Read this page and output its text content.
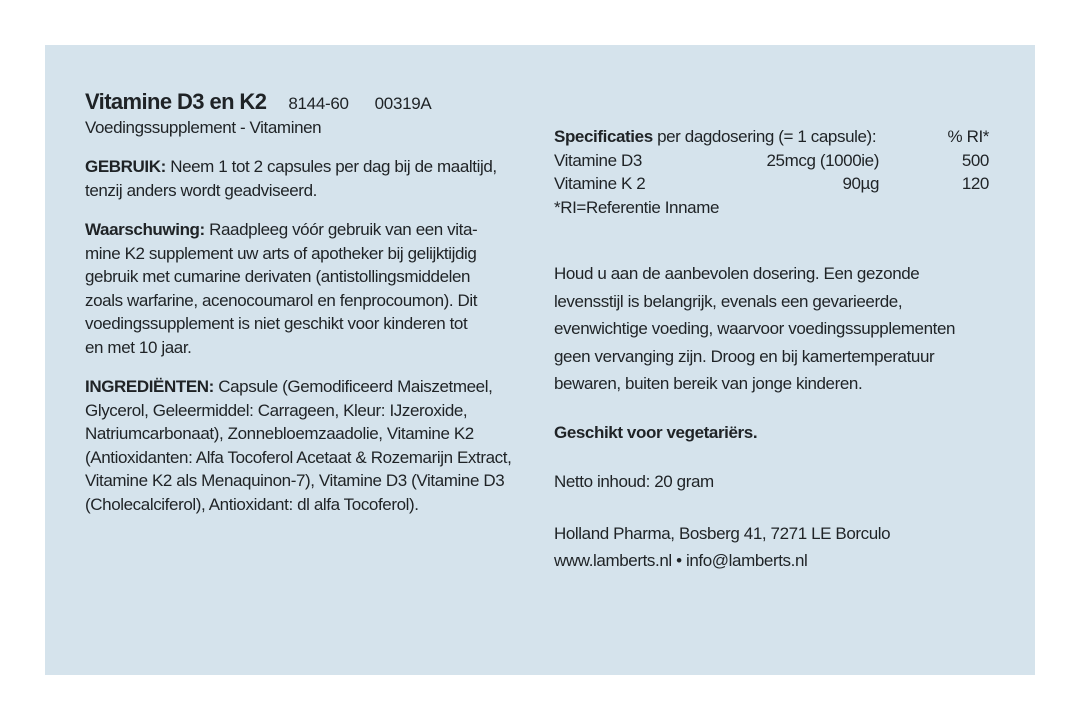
Vitamine D3 en K2 8144-60 00319A
Voedingssupplement - Vitaminen
GEBRUIK: Neem 1 tot 2 capsules per dag bij de maaltijd,
tenzij anders wordt geadviseerd.
Waarschuwing: Raadpleeg vóór gebruik van een vita-
mine K2 supplement uw arts of apotheker bij gelijktijdig
gebruik met cumarine derivaten (antistollingsmiddelen
zoals warfarine, acenocoumarol en fenprocoumon). Dit
voedingssupplement is niet geschikt voor kinderen tot
en met 10 jaar.
INGREDIËNTEN: Capsule (Gemodificeerd Maiszetmeel,
Glycerol, Geleermiddel: Carrageen, Kleur: IJzeroxide,
Natriumcarbonaat), Zonnebloemzaadolie, Vitamine K2
(Antioxidanten: Alfa Tocoferol Acetaat & Rozemarijn Extract,
Vitamine K2 als Menaquinon-7), Vitamine D3 (Vitamine D3
(Cholecalciferol), Antioxidant: dl alfa Tocoferol).
Specificaties per dagdosering (= 1 capsule):	% RI*
Vitamine D3	25mcg (1000ie)	500
Vitamine K 2	90µg	120
*RI=Referentie Inname
Houd u aan de aanbevolen dosering. Een gezonde
levensstijl is belangrijk, evenals een gevarieerde,
evenwichtige voeding, waarvoor voedingssupplementen
geen vervanging zijn. Droog en bij kamertemperatuur
bewaren, buiten bereik van jonge kinderen.
Geschikt voor vegetariërs.
Netto inhoud: 20 gram
Holland Pharma, Bosberg 41, 7271 LE Borculo
www.lamberts.nl • info@lamberts.nl
